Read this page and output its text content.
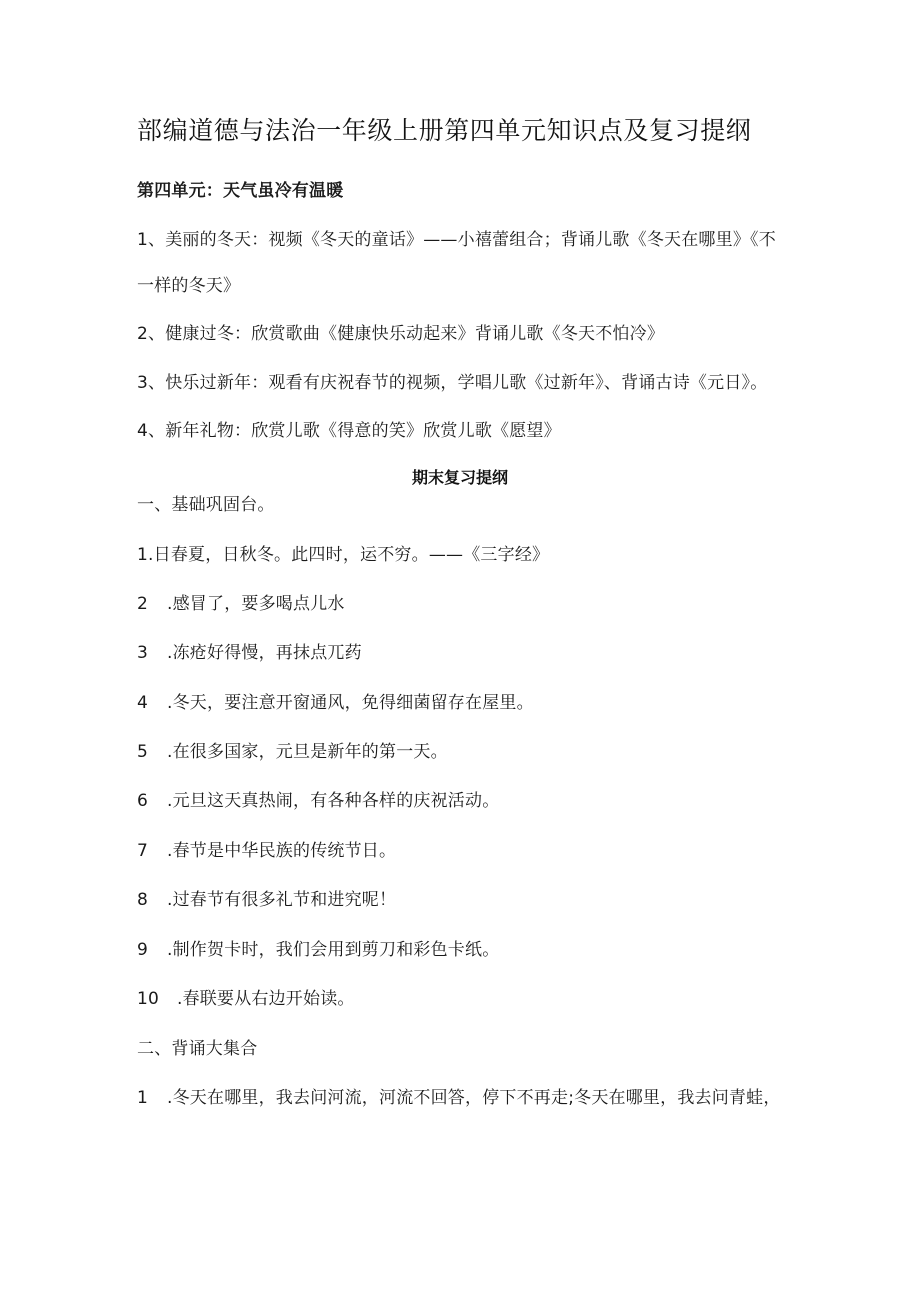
部编道德与法治一年级上册第四单元知识点及复习提纲
第四单元：天气虽冷有温暖
1、美丽的冬天：视频《冬天的童话》——小禧蕾组合；背诵儿歌《冬天在哪里》《不
一样的冬天》
2、健康过冬：欣赏歌曲《健康快乐动起来》背诵儿歌《冬天不怕冷》
3、快乐过新年：观看有庆祝春节的视频，学唱儿歌《过新年》、背诵古诗《元日》。
4、新年礼物：欣赏儿歌《得意的笑》欣赏儿歌《愿望》
期末复习提纲
一、基础巩固台。
1.日春夏，日秋冬。此四时，运不穷。——《三字经》
2 .感冒了，要多喝点儿水
3 .冻疮好得慢，再抹点兀药
4 .冬天，要注意开窗通风，免得细菌留存在屋里。
5 .在很多国家，元旦是新年的第一天。
6 .元旦这天真热闹，有各种各样的庆祝活动。
7 .春节是中华民族的传统节日。
8 .过春节有很多礼节和进究呢！
9 .制作贺卡时，我们会用到剪刀和彩色卡纸。
10 .春联要从右边开始读。
二、背诵大集合
1 .冬天在哪里，我去问河流，河流不回答，停下不再走;冬天在哪里，我去问青蛙，
